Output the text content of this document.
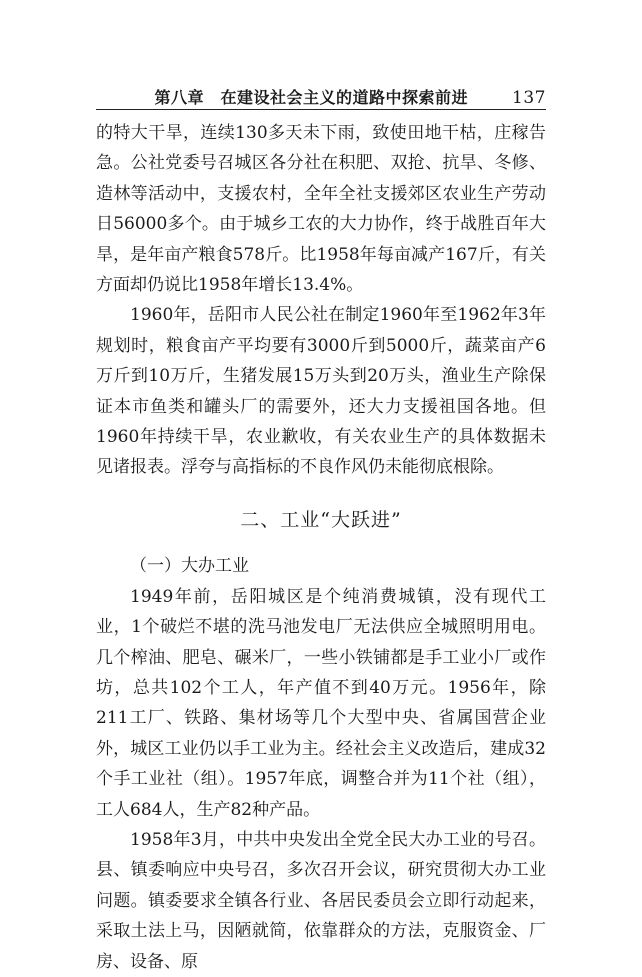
第八章　在建设社会主义的道路中探索前进	137

的特大干旱，连续130多天未下雨，致使田地干枯，庄稼告急。公社党委号召城区各分社在积肥、双抢、抗旱、冬修、造林等活动中，支援农村，全年全社支援郊区农业生产劳动日56000多个。由于城乡工农的大力协作，终于战胜百年大旱，是年亩产粮食578斤。比1958年每亩减产167斤，有关方面却仍说比1958年增长13.4%。

1960年，岳阳市人民公社在制定1960年至1962年3年规划时，粮食亩产平均要有3000斤到5000斤，蔬菜亩产6万斤到10万斤，生猪发展15万头到20万头，渔业生产除保证本市鱼类和罐头厂的需要外，还大力支援祖国各地。但1960年持续干旱，农业歉收，有关农业生产的具体数据未见诸报表。浮夸与高指标的不良作风仍未能彻底根除。

二、工业“大跃进”

（一）大办工业

1949年前，岳阳城区是个纯消费城镇，没有现代工业，1个破烂不堪的洗马池发电厂无法供应全城照明用电。几个榨油、肥皂、碾米厂，一些小铁铺都是手工业小厂或作坊，总共102个工人，年产值不到40万元。1956年，除211工厂、铁路、集材场等几个大型中央、省属国营企业外，城区工业仍以手工业为主。经社会主义改造后，建成32个手工业社（组）。1957年底，调整合并为11个社（组），工人684人，生产82种产品。

1958年3月，中共中央发出全党全民大办工业的号召。县、镇委响应中央号召，多次召开会议，研究贯彻大办工业问题。镇委要求全镇各行业、各居民委员会立即行动起来，采取土法上马，因陋就简，依靠群众的方法，克服资金、厂房、设备、原
